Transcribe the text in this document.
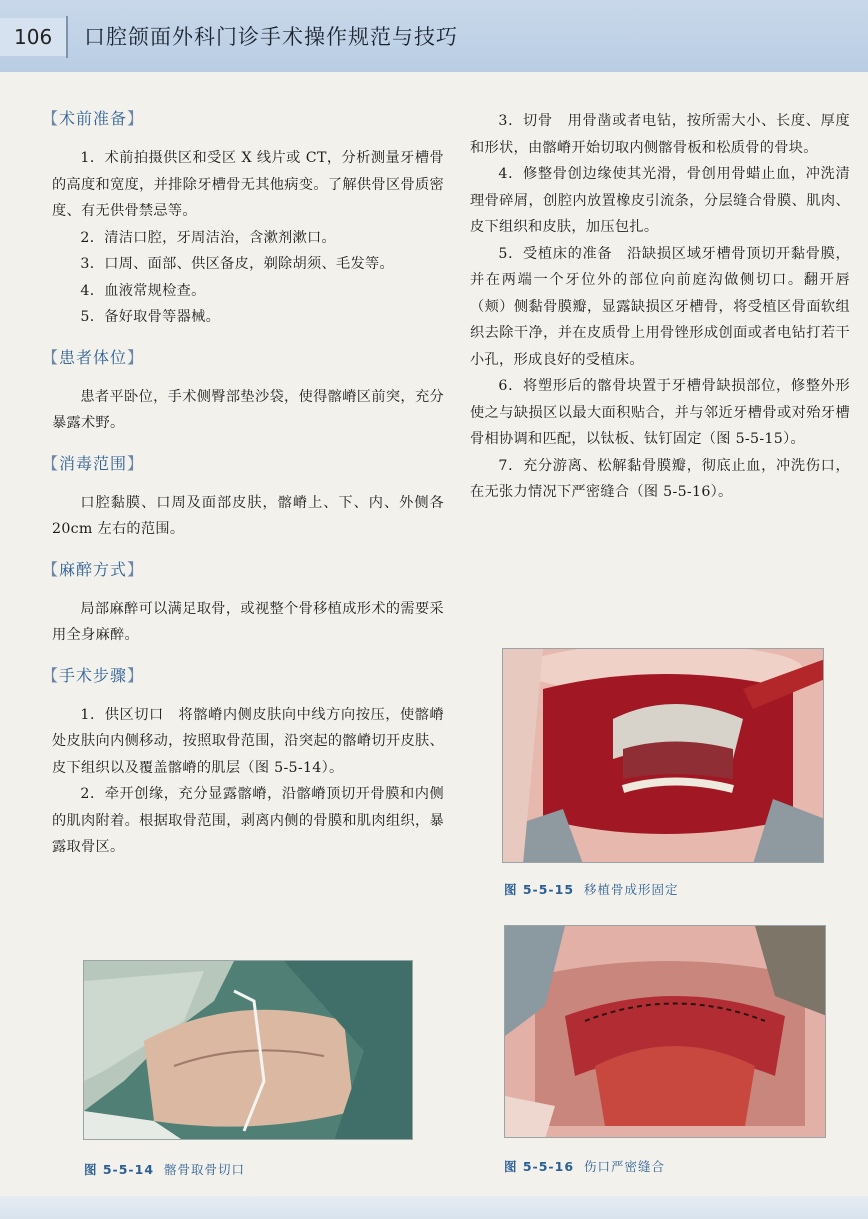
106	口腔颌面外科门诊手术操作规范与技巧
【术前准备】

1．术前拍摄供区和受区 X 线片或 CT，分析测量牙槽骨的高度和宽度，并排除牙槽骨无其他病变。了解供骨区骨质密度、有无供骨禁忌等。

2．清洁口腔，牙周洁治，含漱剂漱口。

3．口周、面部、供区备皮，剃除胡须、毛发等。

4．血液常规检查。

5．备好取骨等器械。

【患者体位】

患者平卧位，手术侧臀部垫沙袋，使得髂嵴区前突，充分暴露术野。

【消毒范围】

口腔黏膜、口周及面部皮肤，髂嵴上、下、内、外侧各 20cm 左右的范围。

【麻醉方式】

局部麻醉可以满足取骨，或视整个骨移植成形术的需要采用全身麻醉。

【手术步骤】

1．供区切口　将髂嵴内侧皮肤向中线方向按压，使髂嵴处皮肤向内侧移动，按照取骨范围，沿突起的髂嵴切开皮肤、皮下组织以及覆盖髂嵴的肌层（图 5-5-14）。

2．牵开创缘，充分显露髂嵴，沿髂嵴顶切开骨膜和内侧的肌肉附着。根据取骨范围，剥离内侧的骨膜和肌肉组织，暴露取骨区。

3．切骨　用骨凿或者电钻，按所需大小、长度、厚度和形状，由髂嵴开始切取内侧髂骨板和松质骨的骨块。

4．修整骨创边缘使其光滑，骨创用骨蜡止血，冲洗清理骨碎屑，创腔内放置橡皮引流条，分层缝合骨膜、肌肉、皮下组织和皮肤，加压包扎。

5．受植床的准备　沿缺损区域牙槽骨顶切开黏骨膜，并在两端一个牙位外的部位向前庭沟做侧切口。翻开唇（颊）侧黏骨膜瓣，显露缺损区牙槽骨，将受植区骨面软组织去除干净，并在皮质骨上用骨锉形成创面或者电钻打若干小孔，形成良好的受植床。

6．将塑形后的髂骨块置于牙槽骨缺损部位，修整外形使之与缺损区以最大面积贴合，并与邻近牙槽骨或对殆牙槽骨相协调和匹配，以钛板、钛钉固定（图 5-5-15）。

7．充分游离、松解黏骨膜瓣，彻底止血，冲洗伤口，在无张力情况下严密缝合（图 5-5-16）。

图 5-5-14 髂骨取骨切口
图 5-5-15 移植骨成形固定
图 5-5-16 伤口严密缝合
